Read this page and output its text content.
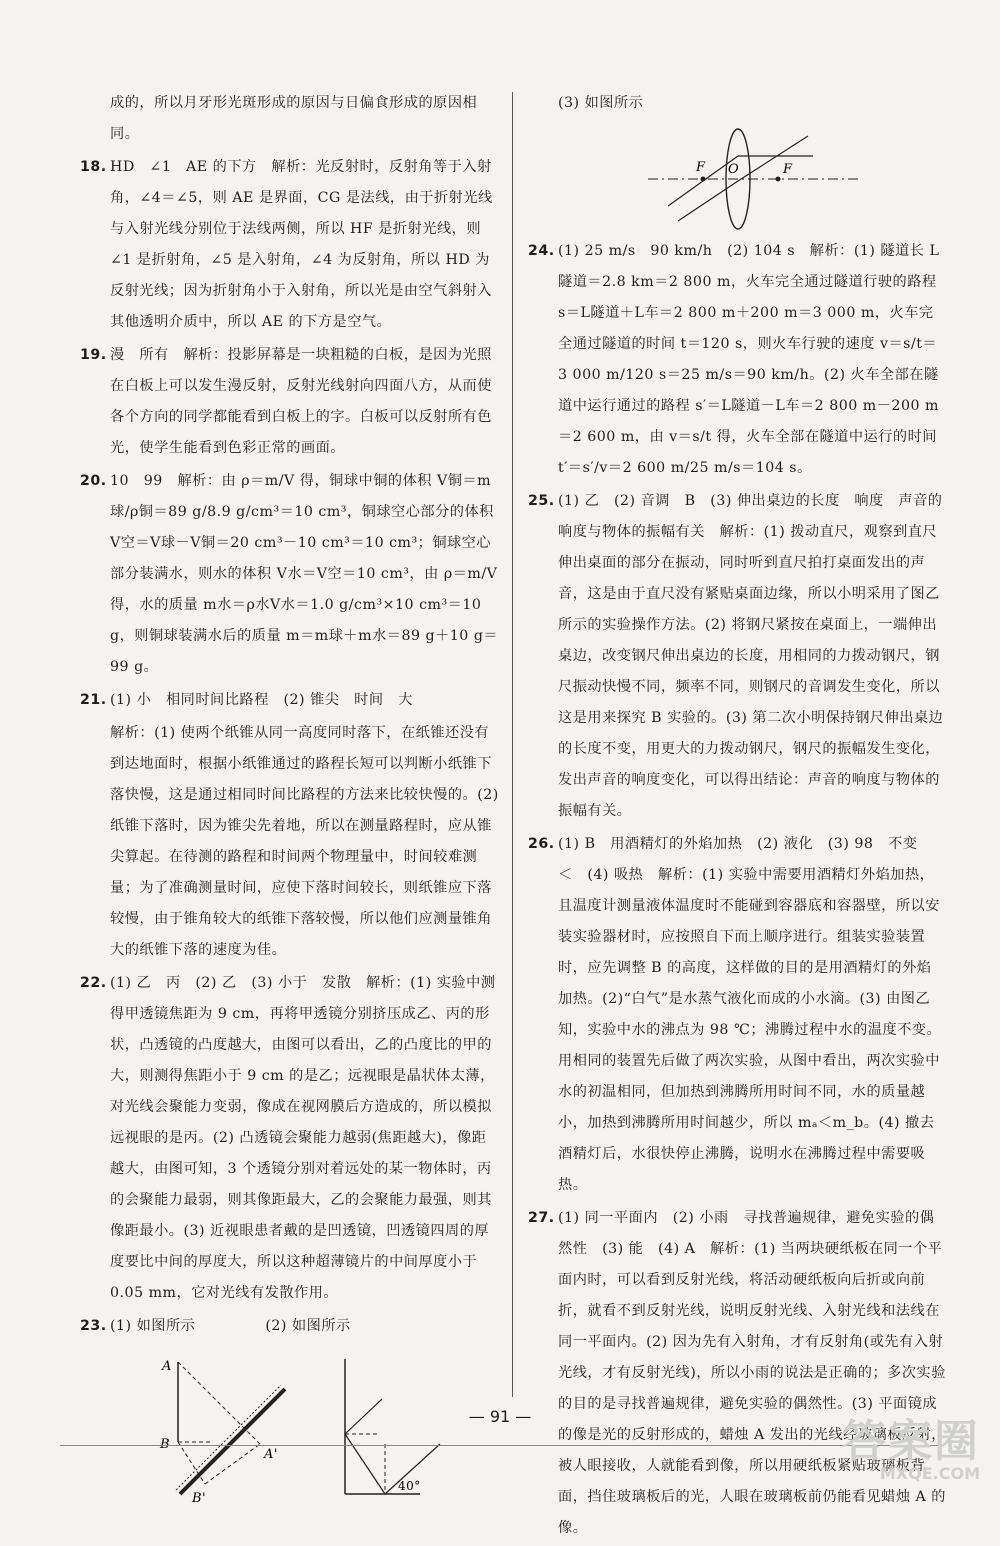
成的，所以月牙形光斑形成的原因与日偏食形成的原因相同。
18. HD　∠1　AE 的下方　解析：光反射时，反射角等于入射角，∠4＝∠5，则 AE 是界面，CG 是法线，由于折射光线与入射光线分别位于法线两侧，所以 HF 是折射光线，则∠1 是折射角，∠5 是入射角，∠4 为反射角，所以 HD 为反射光线；因为折射角小于入射角，所以光是由空气斜射入其他透明介质中，所以 AE 的下方是空气。
19. 漫　所有　解析：投影屏幕是一块粗糙的白板，是因为光照在白板上可以发生漫反射，反射光线射向四面八方，从而使各个方向的同学都能看到白板上的字。白板可以反射所有色光，使学生能看到色彩正常的画面。
20. 10　99　解析：由 ρ＝m/V 得，铜球中铜的体积 V铜＝m球/ρ铜＝89 g/8.9 g/cm³＝10 cm³，铜球空心部分的体积 V空＝V球－V铜＝20 cm³－10 cm³＝10 cm³；铜球空心部分装满水，则水的体积 V水＝V空＝10 cm³，由 ρ＝m/V 得，水的质量 m水＝ρ水V水＝1.0 g/cm³×10 cm³＝10 g，则铜球装满水后的质量 m＝m球＋m水＝89 g＋10 g＝99 g。
21. (1) 小　相同时间比路程　(2) 锥尖　时间　大
解析：(1) 使两个纸锥从同一高度同时落下，在纸锥还没有到达地面时，根据小纸锥通过的路程长短可以判断小纸锥下落快慢，这是通过相同时间比路程的方法来比较快慢的。(2) 纸锥下落时，因为锥尖先着地，所以在测量路程时，应从锥尖算起。在待测的路程和时间两个物理量中，时间较难测量；为了准确测量时间，应使下落时间较长，则纸锥应下落较慢，由于锥角较大的纸锥下落较慢，所以他们应测量锥角大的纸锥下落的速度为佳。
22. (1) 乙　丙　(2) 乙　(3) 小于　发散　解析：(1) 实验中测得甲透镜焦距为 9 cm，再将甲透镜分别挤压成乙、丙的形状，凸透镜的凸度越大，由图可以看出，乙的凸度比的甲的大，则测得焦距小于 9 cm 的是乙；远视眼是晶状体太薄，对光线会聚能力变弱，像成在视网膜后方造成的，所以模拟远视眼的是丙。(2) 凸透镜会聚能力越弱(焦距越大)，像距越大，由图可知，3 个透镜分别对着远处的某一物体时，丙的会聚能力最弱，则其像距最大，乙的会聚能力最强，则其像距最小。(3) 近视眼患者戴的是凹透镜，凹透镜四周的厚度要比中间的厚度大，所以这种超薄镜片的中间厚度小于 0.05 mm，它对光线有发散作用。
23. (1) 如图所示	(2) 如图所示
A
B'
A'
40°
(3) 如图所示
F O	F
24. (1) 25 m/s　90 km/h　(2) 104 s　解析：(1) 隧道长 L隧道＝2.8 km＝2 800 m，火车完全通过隧道行驶的路程 s＝L隧道＋L车＝2 800 m＋200 m＝3 000 m，火车完全通过隧道的时间 t＝120 s，则火车行驶的速度 v＝s/t＝3 000 m/120 s＝25 m/s＝90 km/h。(2) 火车全部在隧道中运行通过的路程 s′＝L隧道－L车＝2 800 m－200 m＝2 600 m，由 v＝s/t 得，火车全部在隧道中运行的时间 t′＝s′/v＝2 600 m/25 m/s＝104 s。
25. (1) 乙　(2) 音调　B　(3) 伸出桌边的长度　响度　声音的响度与物体的振幅有关　解析：(1) 拨动直尺，观察到直尺伸出桌面的部分在振动，同时听到直尺拍打桌面发出的声音，这是由于直尺没有紧贴桌面边缘，所以小明采用了图乙所示的实验操作方法。(2) 将钢尺紧按在桌面上，一端伸出桌边，改变钢尺伸出桌边的长度，用相同的力拨动钢尺，钢尺振动快慢不同，频率不同，则钢尺的音调发生变化，所以这是用来探究 B 实验的。(3) 第二次小明保持钢尺伸出桌边的长度不变，用更大的力拨动钢尺，钢尺的振幅发生变化，发出声音的响度变化，可以得出结论：声音的响度与物体的振幅有关。
26. (1) B　用酒精灯的外焰加热　(2) 液化　(3) 98　不变　＜　(4) 吸热　解析：(1) 实验中需要用酒精灯外焰加热，且温度计测量液体温度时不能碰到容器底和容器壁，所以安装实验器材时，应按照自下而上顺序进行。组装实验装置时，应先调整 B 的高度，这样做的目的是用酒精灯的外焰加热。(2)“白气”是水蒸气液化而成的小水滴。(3) 由图乙知，实验中水的沸点为 98 ℃；沸腾过程中水的温度不变。用相同的装置先后做了两次实验，从图中看出，两次实验中水的初温相同，但加热到沸腾所用时间不同，水的质量越小，加热到沸腾所用时间越少，所以 mₐ＜m_b。(4) 撤去酒精灯后，水很快停止沸腾，说明水在沸腾过程中需要吸热。
27. (1) 同一平面内　(2) 小雨　寻找普遍规律，避免实验的偶然性　(3) 能　(4) A　解析：(1) 当两块硬纸板在同一个平面内时，可以看到反射光线，将活动硬纸板向后折或向前折，就看不到反射光线，说明反射光线、入射光线和法线在同一平面内。(2) 因为先有入射角，才有反射角(或先有入射光线，才有反射光线)，所以小雨的说法是正确的；多次实验的目的是寻找普遍规律，避免实验的偶然性。(3) 平面镜成的像是光的反射形成的，蜡烛 A 发出的光线经玻璃板反射，被人眼接收，人就能看到像，所以用硬纸板紧贴玻璃板背面，挡住玻璃板后的光，人眼在玻璃板前仍能看见蜡烛 A 的像。
— 91 —	答案圈
MXQE.COM
